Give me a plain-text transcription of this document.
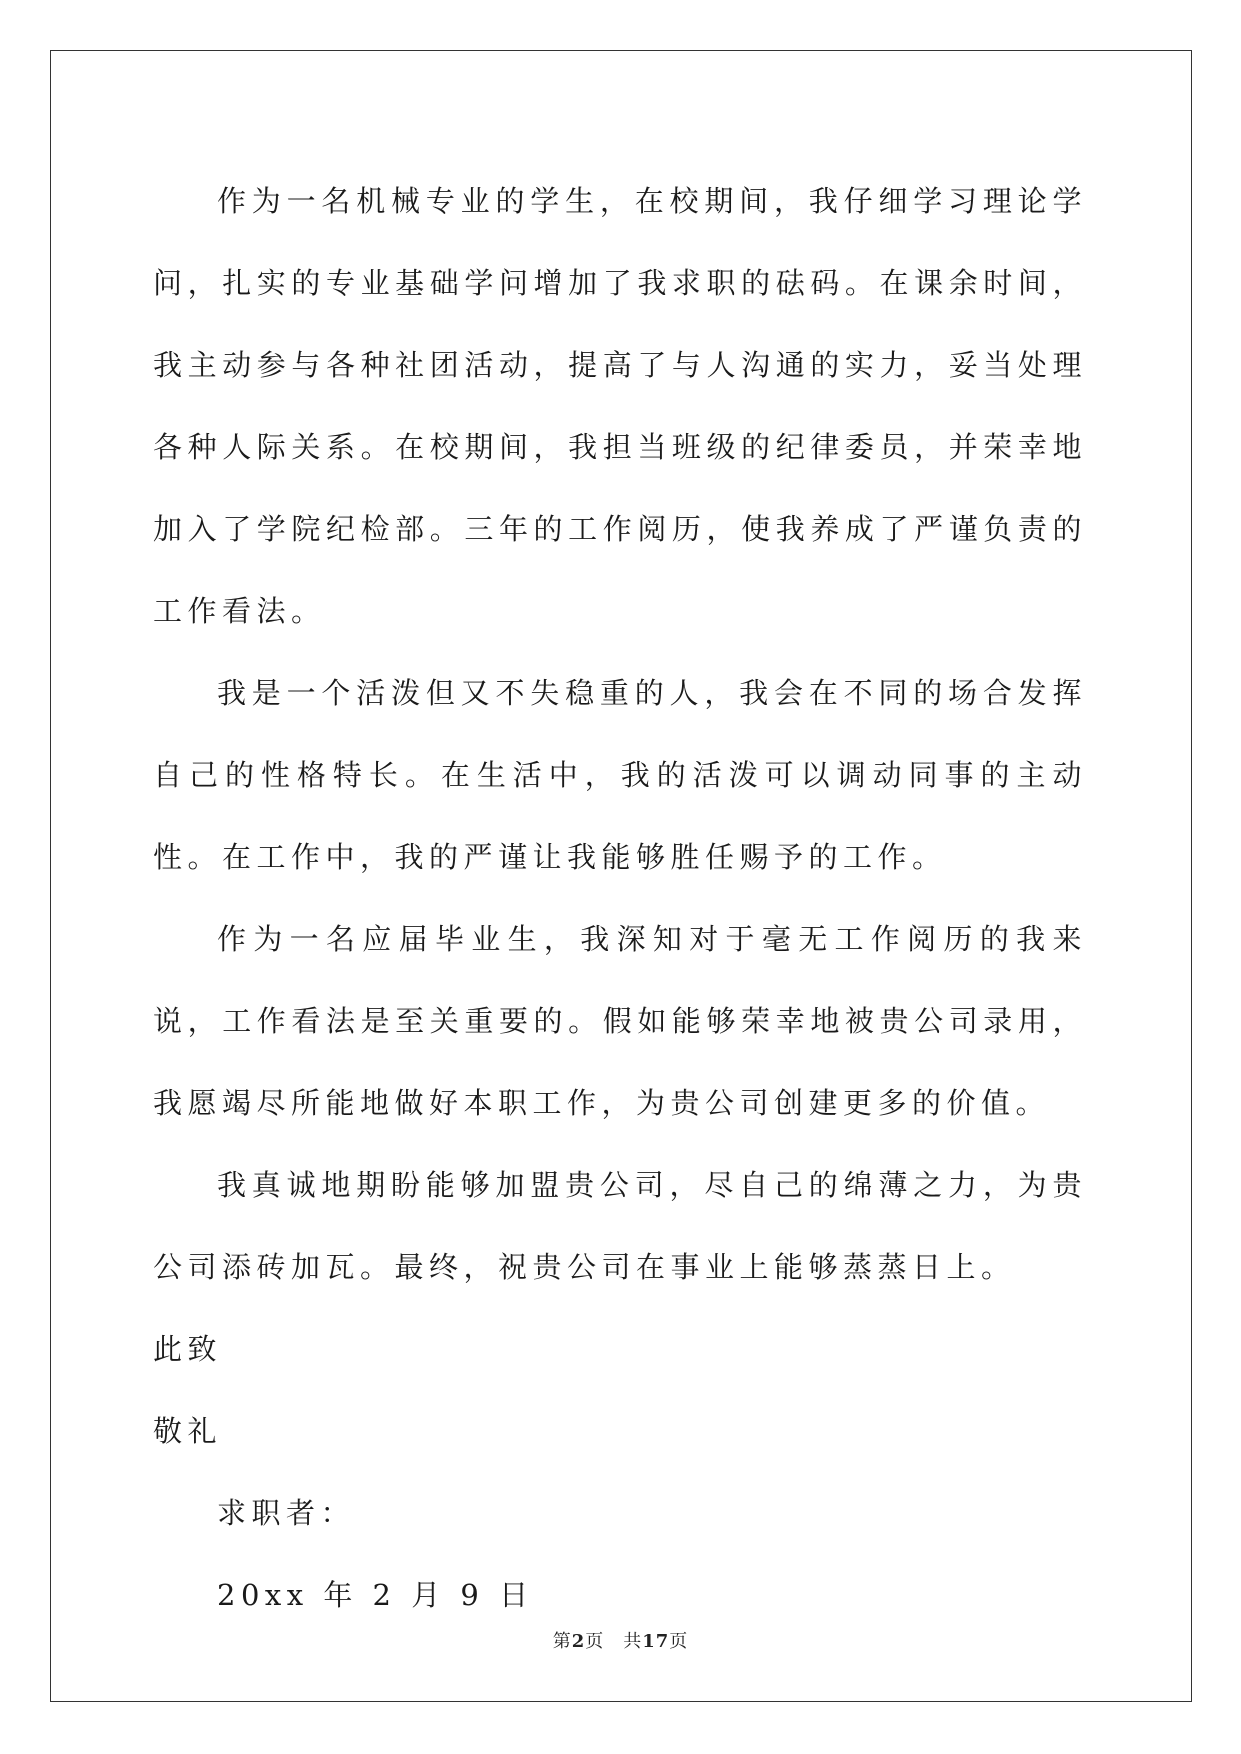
作为一名机械专业的学生，在校期间，我仔细学习理论学问，扎实的专业基础学问增加了我求职的砝码。在课余时间，我主动参与各种社团活动，提高了与人沟通的实力，妥当处理各种人际关系。在校期间，我担当班级的纪律委员，并荣幸地加入了学院纪检部。三年的工作阅历，使我养成了严谨负责的工作看法。

我是一个活泼但又不失稳重的人，我会在不同的场合发挥自己的性格特长。在生活中，我的活泼可以调动同事的主动性。在工作中，我的严谨让我能够胜任赐予的工作。

作为一名应届毕业生，我深知对于毫无工作阅历的我来说，工作看法是至关重要的。假如能够荣幸地被贵公司录用，我愿竭尽所能地做好本职工作，为贵公司创建更多的价值。

我真诚地期盼能够加盟贵公司，尽自己的绵薄之力，为贵公司添砖加瓦。最终，祝贵公司在事业上能够蒸蒸日上。

此致

敬礼

求职者：

20xx 年 2 月 9 日

第2页　共17页
